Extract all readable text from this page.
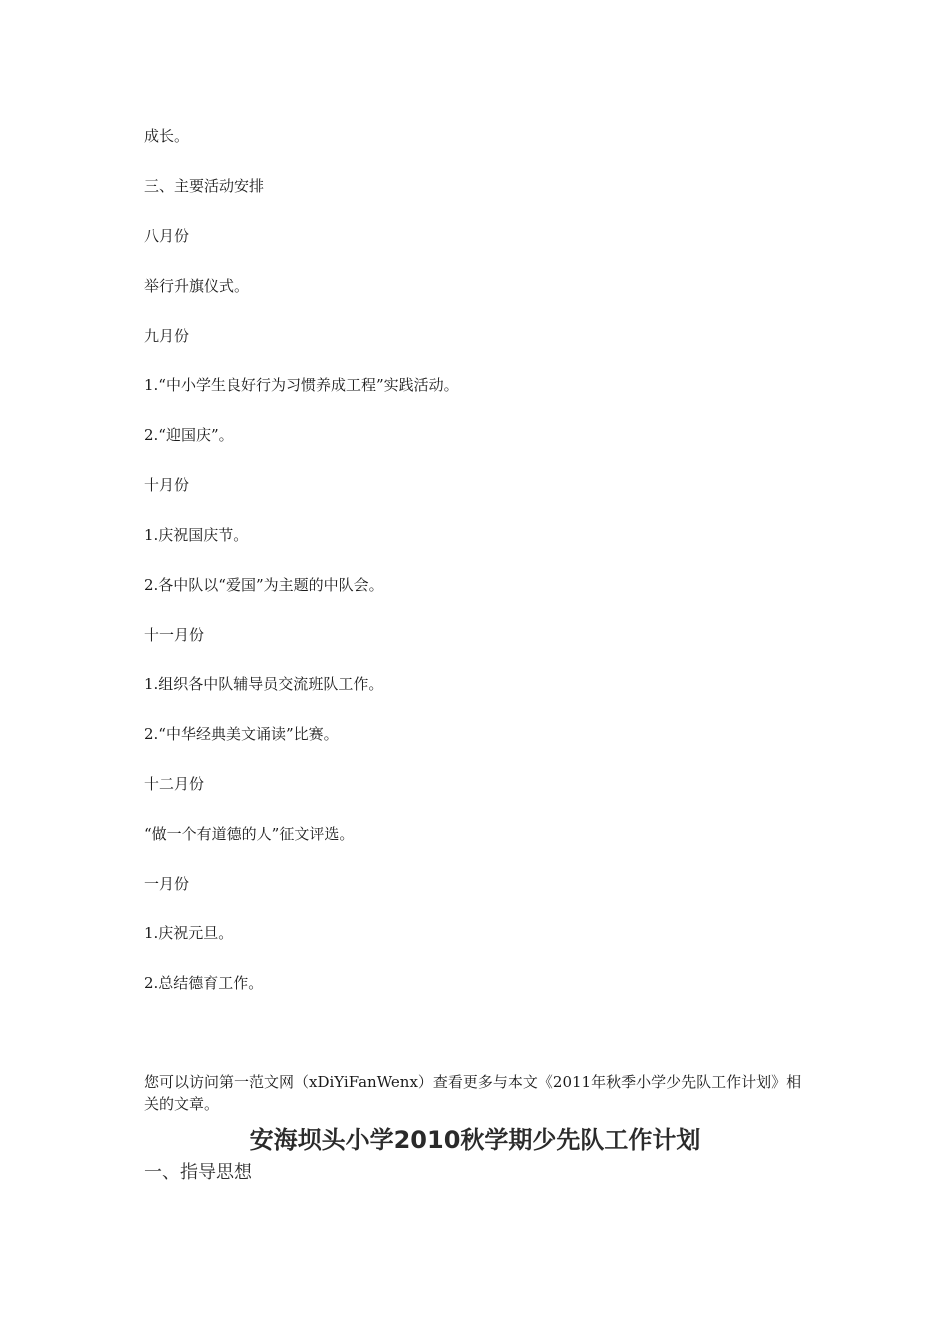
成长。
三、主要活动安排
八月份
举行升旗仪式。
九月份
1.“中小学生良好行为习惯养成工程”实践活动。
2.“迎国庆”。
十月份
1.庆祝国庆节。
2.各中队以“爱国”为主题的中队会。
十一月份
1.组织各中队辅导员交流班队工作。
2.“中华经典美文诵读”比赛。
十二月份
“做一个有道德的人”征文评选。
一月份
1.庆祝元旦。
2.总结德育工作。
您可以访问第一范文网（xDiYiFanWenx）查看更多与本文《2011年秋季小学少先队工作计划》相关的文章。
安海坝头小学2010秋学期少先队工作计划
一、指导思想
